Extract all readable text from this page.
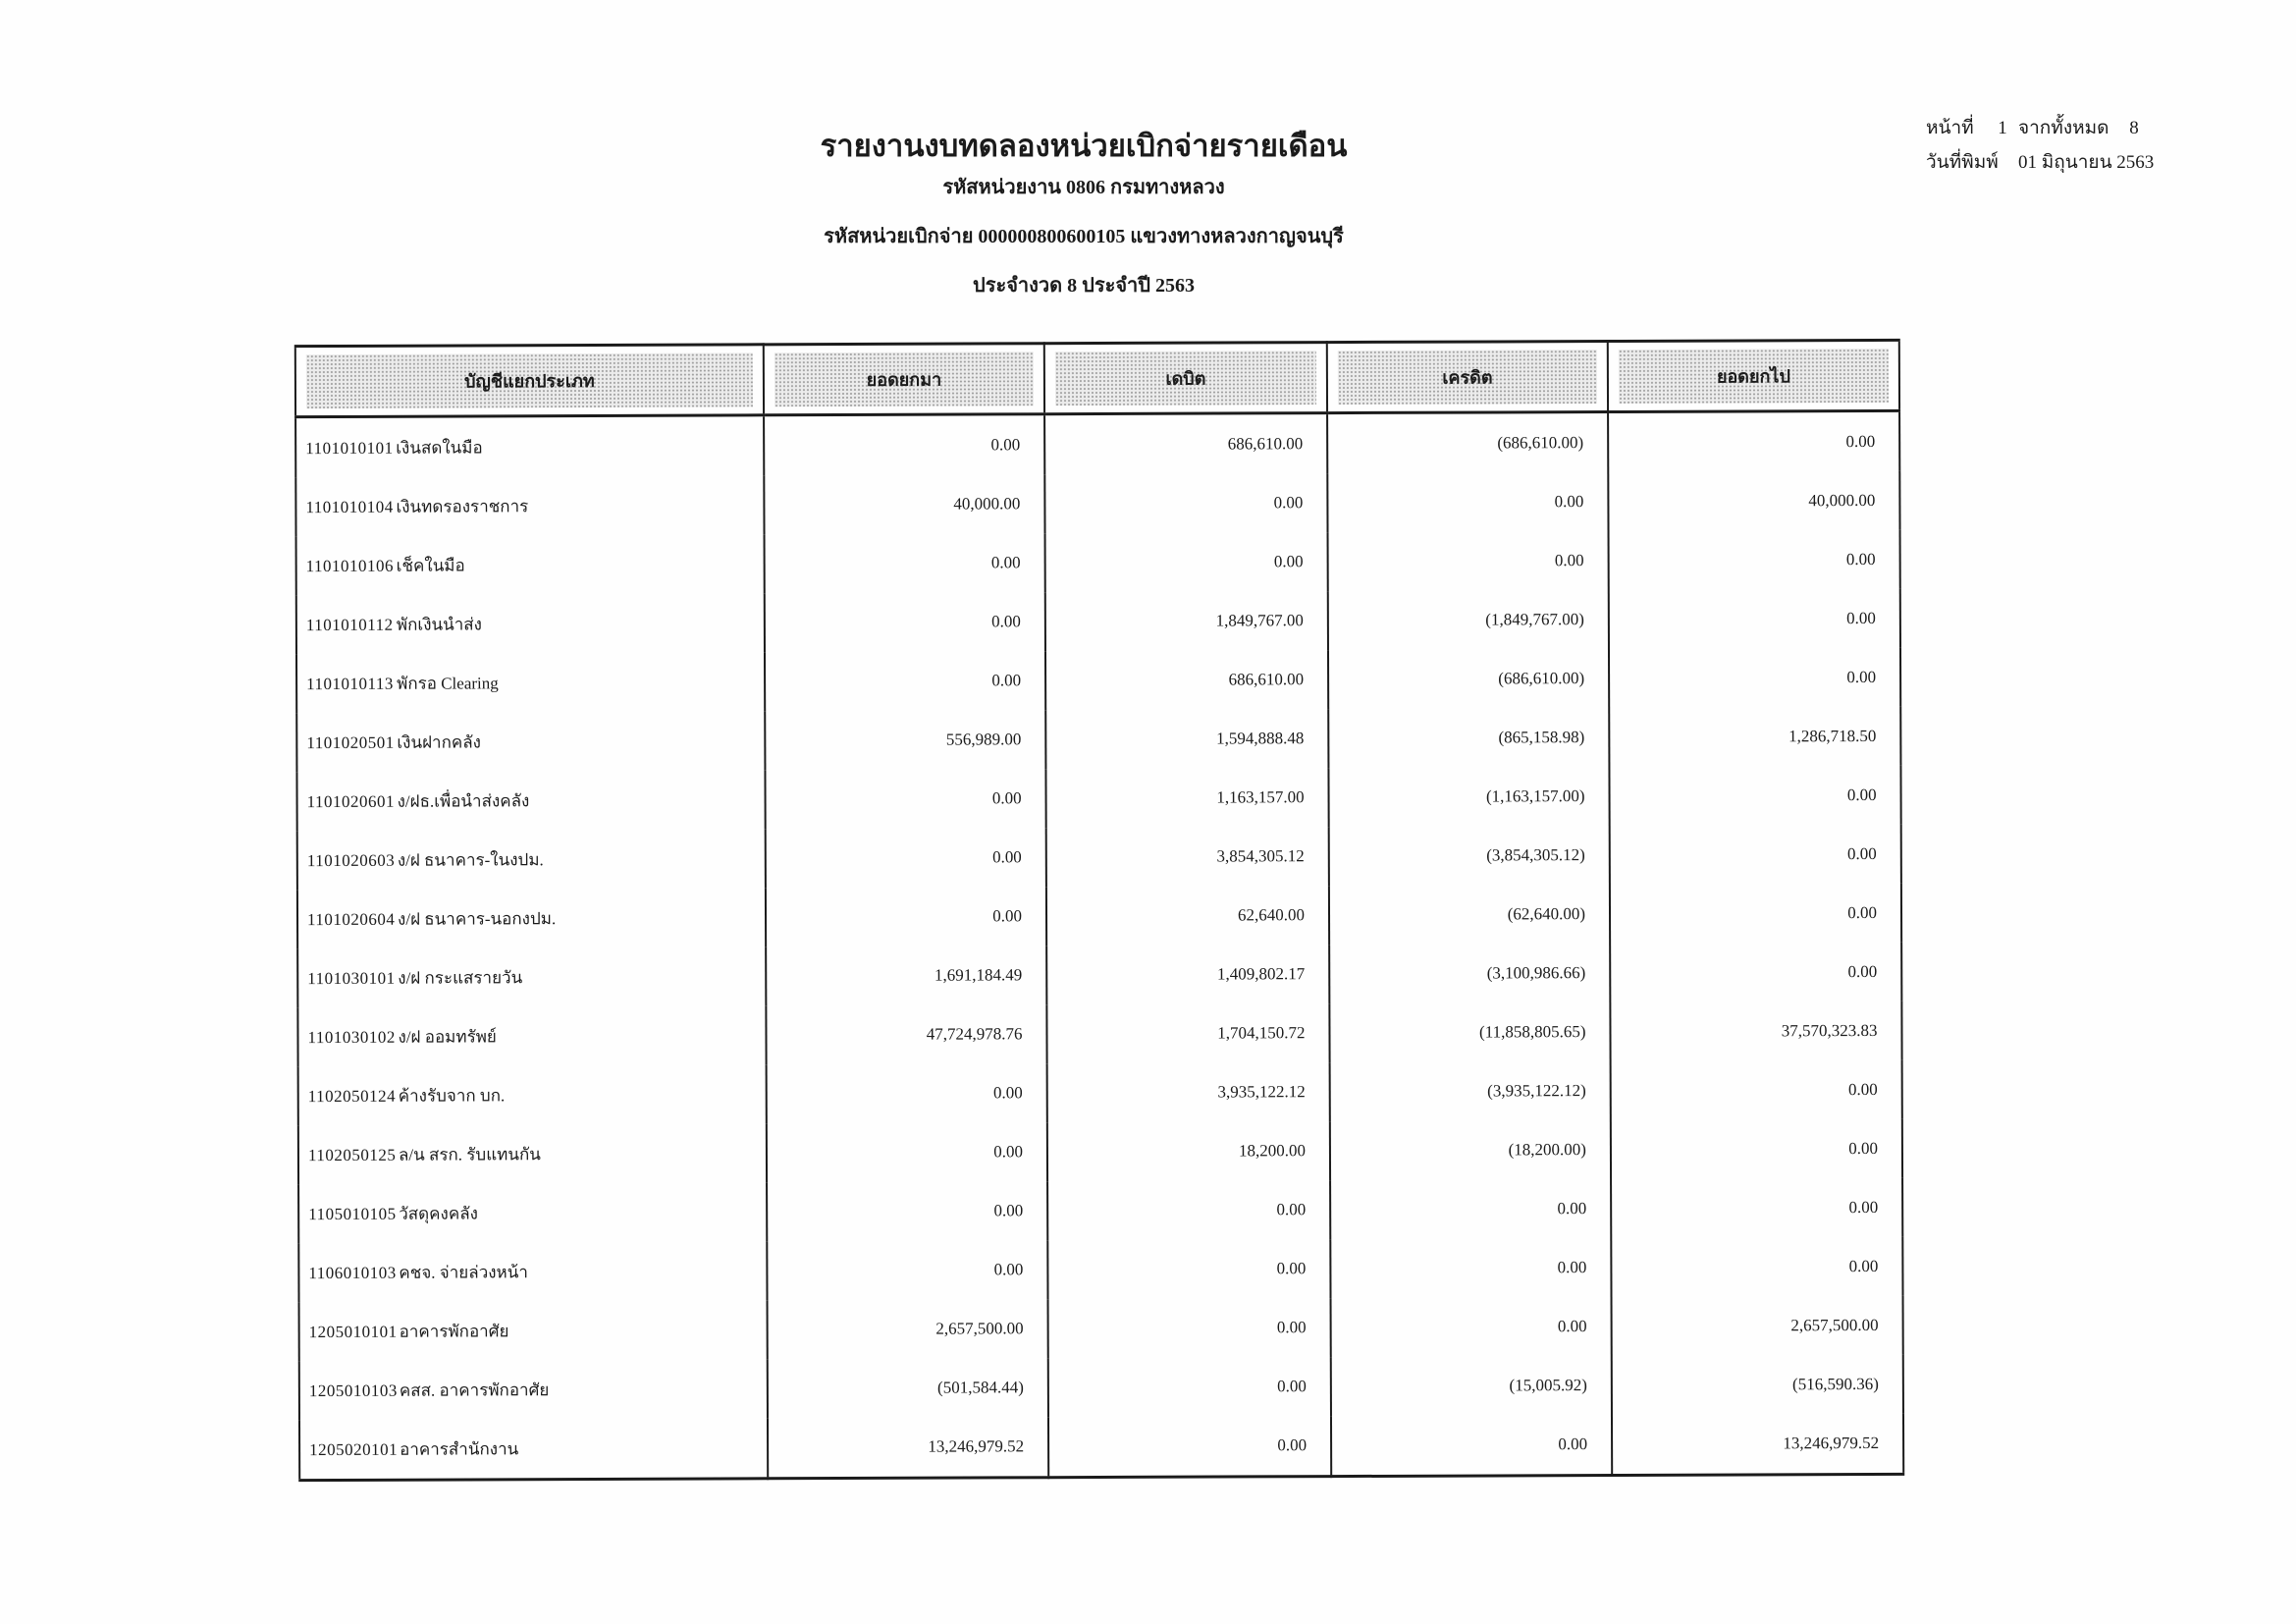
รายงานงบทดลองหน่วยเบิกจ่ายรายเดือน
รหัสหน่วยงาน 0806 กรมทางหลวง
รหัสหน่วยเบิกจ่าย 000000800600105 แขวงทางหลวงกาญจนบุรี
ประจำงวด 8 ประจำปี 2563
หน้าที่	1 จากทั้งหมด	8
วันที่พิมพ์	01 มิถุนายน 2563
บัญชีแยกประเภท	ยอดยกมา	เดบิต	เครดิต	ยอดยกไป

1101010101 เงินสดในมือ	0.00	686,610.00	(686,610.00)	0.00
1101010104 เงินทดรองราชการ	40,000.00	0.00	0.00	40,000.00
1101010106 เช็คในมือ	0.00	0.00	0.00	0.00
1101010112 พักเงินนำส่ง	0.00	1,849,767.00	(1,849,767.00)	0.00
1101010113 พักรอ Clearing	0.00	686,610.00	(686,610.00)	0.00
1101020501 เงินฝากคลัง	556,989.00	1,594,888.48	(865,158.98)	1,286,718.50
1101020601 ง/ฝธ.เพื่อนำส่งคลัง	0.00	1,163,157.00	(1,163,157.00)	0.00
1101020603 ง/ฝ ธนาคาร-ในงปม.	0.00	3,854,305.12	(3,854,305.12)	0.00
1101020604 ง/ฝ ธนาคาร-นอกงปม.	0.00	62,640.00	(62,640.00)	0.00
1101030101 ง/ฝ กระแสรายวัน	1,691,184.49	1,409,802.17	(3,100,986.66)	0.00
1101030102 ง/ฝ ออมทรัพย์	47,724,978.76	1,704,150.72	(11,858,805.65)	37,570,323.83
1102050124 ค้างรับจาก บก.	0.00	3,935,122.12	(3,935,122.12)	0.00
1102050125 ล/น สรก. รับแทนกัน	0.00	18,200.00	(18,200.00)	0.00
1105010105 วัสดุคงคลัง	0.00	0.00	0.00	0.00
1106010103 คชจ. จ่ายล่วงหน้า	0.00	0.00	0.00	0.00
1205010101 อาคารพักอาศัย	2,657,500.00	0.00	0.00	2,657,500.00
1205010103 คสส. อาคารพักอาศัย	(501,584.44)	0.00	(15,005.92)	(516,590.36)
1205020101 อาคารสำนักงาน	13,246,979.52	0.00	0.00	13,246,979.52
